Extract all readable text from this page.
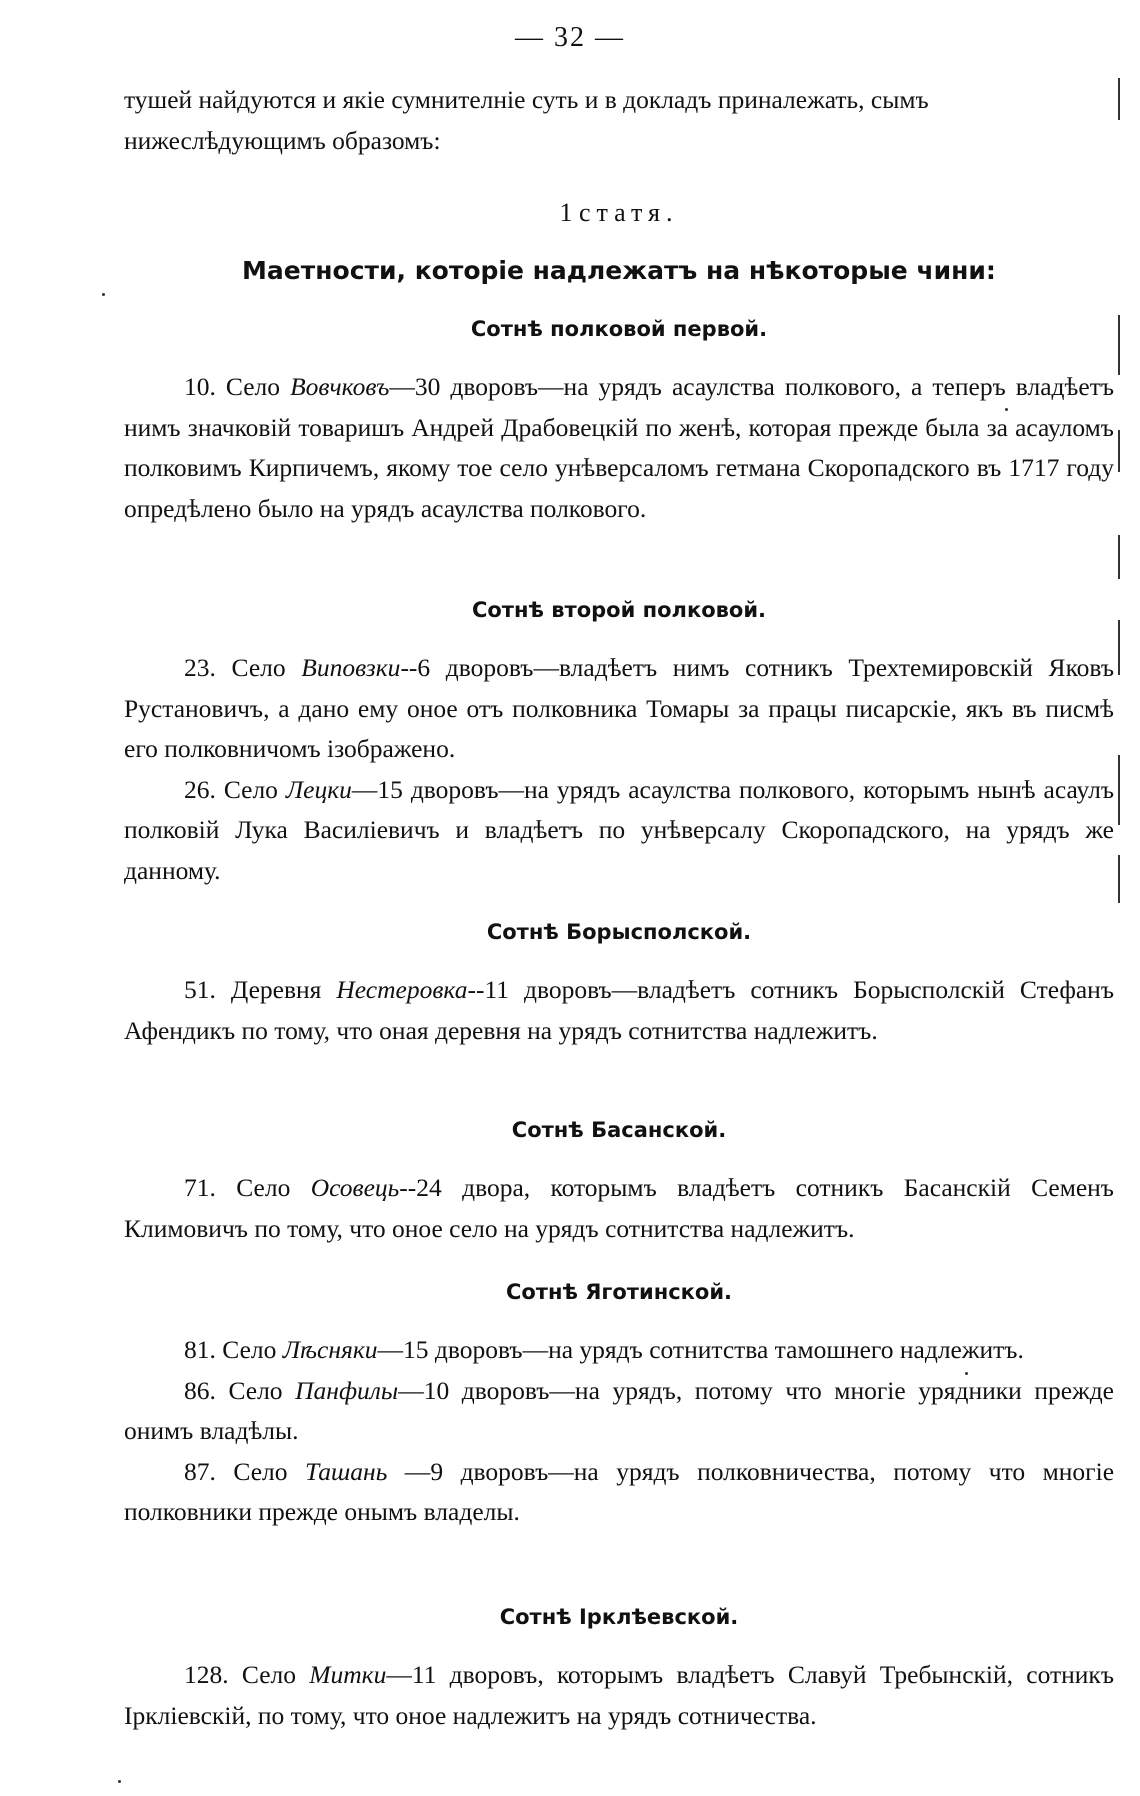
— 32 —

тушей найдуются и якіе сумнителніе суть и в докладъ приналежать, сымъ
нижеслѣдующимъ образомъ:

1 статя.

Маетности, которіе надлежатъ на нѣкоторые чини:

Сотнѣ полковой первой.

10. Село Вовчковъ—30 дворовъ—на урядъ асаулства полкового, а теперъ владѣетъ нимъ значковій товаришъ Андрей Драбовецкій по женѣ, которая прежде была за асауломъ полковимъ Кирпичемъ, якому тое село унѣверсаломъ гетмана Скоропадского въ 1717 году опредѣлено было на урядъ асаулства полкового.

Сотнѣ второй полковой.

23. Село Виповзки--6 дворовъ—владѣетъ нимъ сотникъ Трехтемировскій Яковъ Рустановичъ, а дано ему оное отъ полковника Томары за працы писарскіе, якъ въ писмѣ его полковничомъ ізображено.

26. Село Лецки—15 дворовъ—на урядъ асаулства полкового, которымъ нынѣ асаулъ полковій Лука Василіевичъ и владѣетъ по унѣверсалу Скоропадского, на урядъ же данному.

Сотнѣ Борысполской.

51. Деревня Нестеровка--11 дворовъ—владѣетъ сотникъ Борысполскій Стефанъ Афендикъ по тому, что оная деревня на урядъ сотнитства надлежитъ.

Сотнѣ Басанской.

71. Село Осовець--24 двора, которымъ владѣетъ сотникъ Басанскій Семенъ Климовичъ по тому, что оное село на урядъ сотнитства надлежитъ.

Сотнѣ Яготинской.

81. Село Лѣсняки—15 дворовъ—на урядъ сотнитства тамошнего надлежитъ.

86. Село Панфилы—10 дворовъ—на урядъ, потому что многіе урядники прежде онимъ владѣлы.

87. Село Ташань —9 дворовъ—на урядъ полковничества, потому что многіе полковники прежде онымъ владелы.

Сотнѣ Ірклѣевской.

128. Село Митки—11 дворовъ, которымъ владѣетъ Славуй Требынскій, сотникъ Іркліевскій, по тому, что оное надлежитъ на урядъ сотничества.
